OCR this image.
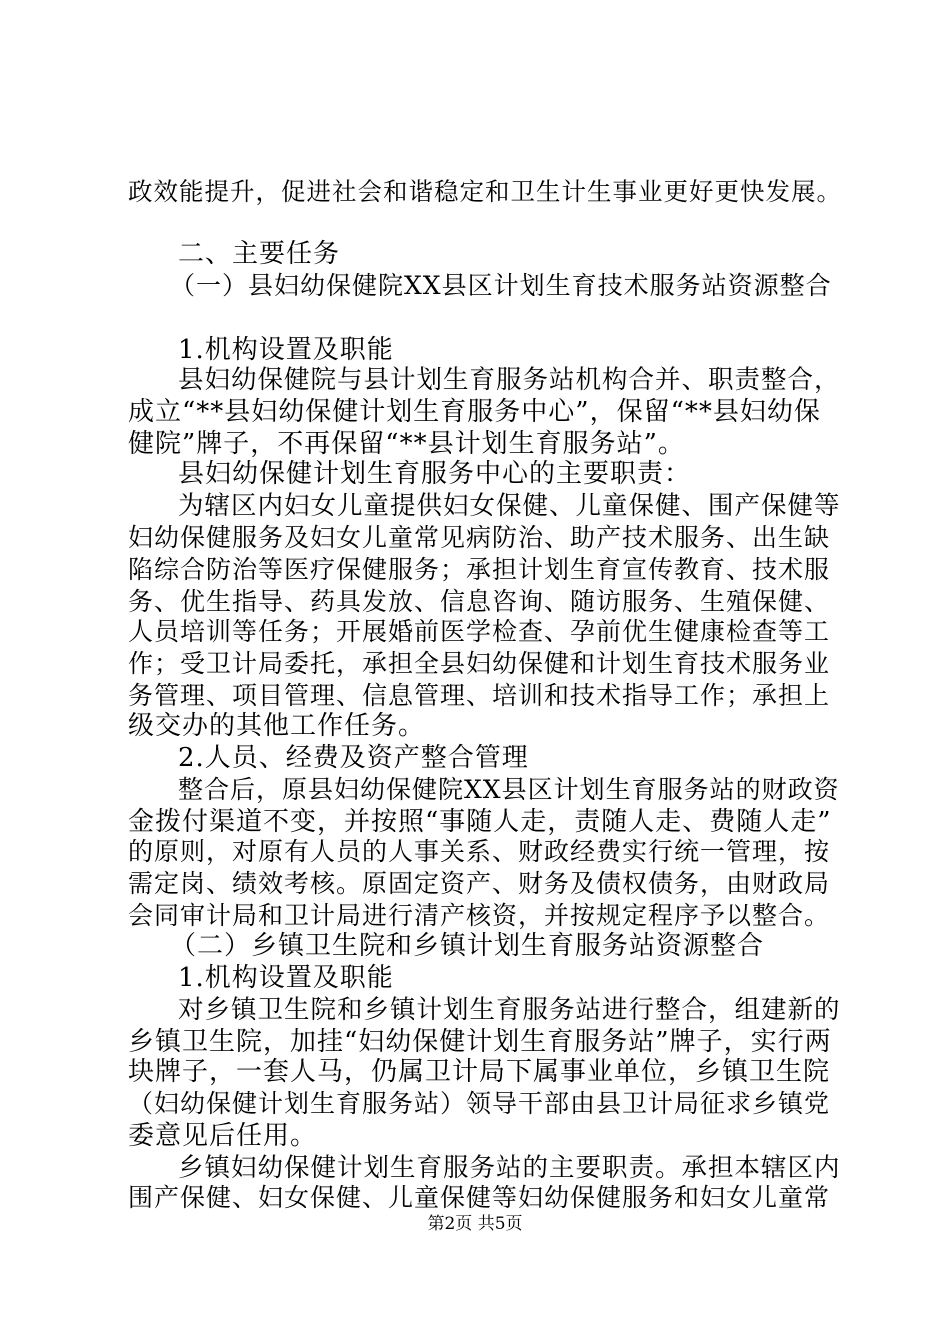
政效能提升，促进社会和谐稳定和卫生计生事业更好更快发展。
二、主要任务
（一）县妇幼保健院XX县区计划生育技术服务站资源整合
1.机构设置及职能
县妇幼保健院与县计划生育服务站机构合并、职责整合，
成立“**县妇幼保健计划生育服务中心”，保留“**县妇幼保
健院”牌子，不再保留“**县计划生育服务站”。
县妇幼保健计划生育服务中心的主要职责：
为辖区内妇女儿童提供妇女保健、儿童保健、围产保健等
妇幼保健服务及妇女儿童常见病防治、助产技术服务、出生缺
陷综合防治等医疗保健服务；承担计划生育宣传教育、技术服
务、优生指导、药具发放、信息咨询、随访服务、生殖保健、
人员培训等任务；开展婚前医学检查、孕前优生健康检查等工
作；受卫计局委托，承担全县妇幼保健和计划生育技术服务业
务管理、项目管理、信息管理、培训和技术指导工作；承担上
级交办的其他工作任务。
2.人员、经费及资产整合管理
整合后，原县妇幼保健院XX县区计划生育服务站的财政资
金拨付渠道不变，并按照“事随人走，责随人走、费随人走”
的原则，对原有人员的人事关系、财政经费实行统一管理，按
需定岗、绩效考核。原固定资产、财务及债权债务，由财政局
会同审计局和卫计局进行清产核资，并按规定程序予以整合。
（二）乡镇卫生院和乡镇计划生育服务站资源整合
1.机构设置及职能
对乡镇卫生院和乡镇计划生育服务站进行整合，组建新的
乡镇卫生院，加挂“妇幼保健计划生育服务站”牌子，实行两
块牌子，一套人马，仍属卫计局下属事业单位，乡镇卫生院
（妇幼保健计划生育服务站）领导干部由县卫计局征求乡镇党
委意见后任用。
乡镇妇幼保健计划生育服务站的主要职责。承担本辖区内
围产保健、妇女保健、儿童保健等妇幼保健服务和妇女儿童常
第2页 共5页
